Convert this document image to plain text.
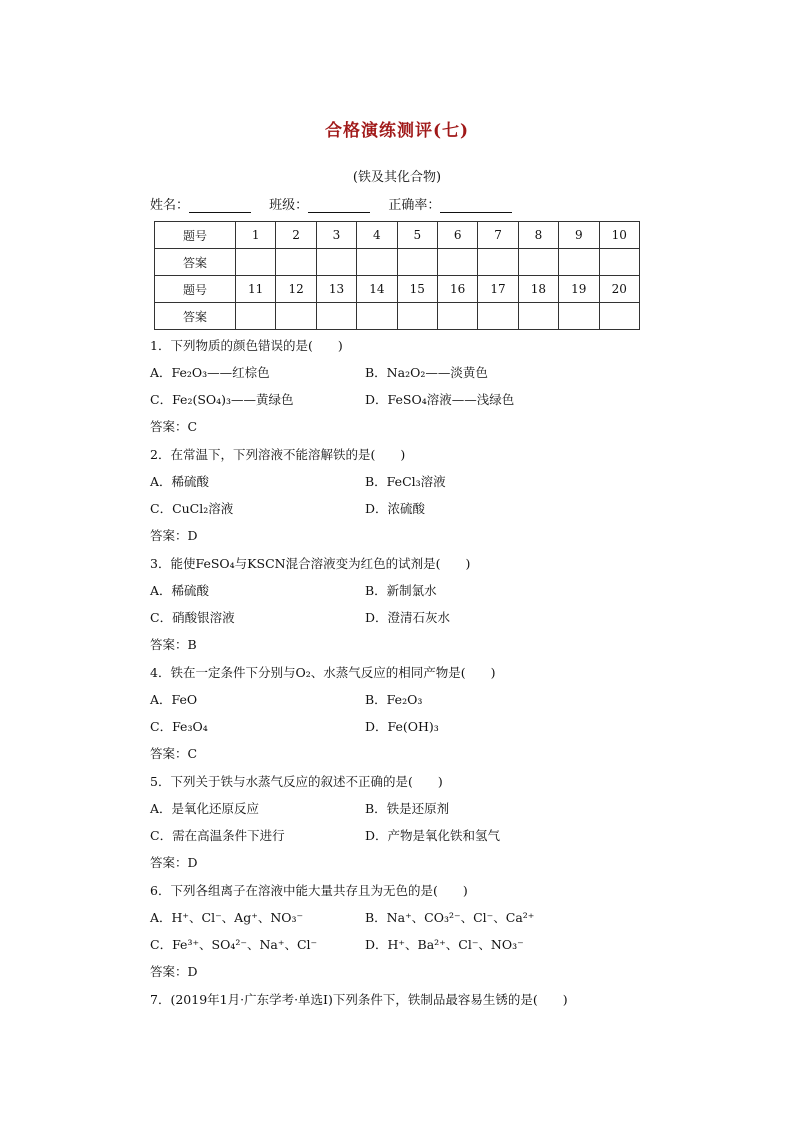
合格演练测评(七)
(铁及其化合物)
姓名：	班级：	正确率：
题号	1	2	3	4	5	6	7	8	9	10
答案										
题号	11	12	13	14	15	16	17	18	19	20
答案										
1．下列物质的颜色错误的是(　　)
A．Fe₂O₃——红棕色	B．Na₂O₂——淡黄色
C．Fe₂(SO₄)₃——黄绿色	D．FeSO₄溶液——浅绿色
答案：C
2．在常温下，下列溶液不能溶解铁的是(　　)
A．稀硫酸	B．FeCl₃溶液
C．CuCl₂溶液	D．浓硫酸
答案：D
3．能使FeSO₄与KSCN混合溶液变为红色的试剂是(　　)
A．稀硫酸	B．新制氯水
C．硝酸银溶液	D．澄清石灰水
答案：B
4．铁在一定条件下分别与O₂、水蒸气反应的相同产物是(　　)
A．FeO	B．Fe₂O₃
C．Fe₃O₄	D．Fe(OH)₃
答案：C
5．下列关于铁与水蒸气反应的叙述不正确的是(　　)
A．是氧化还原反应	B．铁是还原剂
C．需在高温条件下进行	D．产物是氧化铁和氢气
答案：D
6．下列各组离子在溶液中能大量共存且为无色的是(　　)
A．H⁺、Cl⁻、Ag⁺、NO₃⁻	B．Na⁺、CO₃²⁻、Cl⁻、Ca²⁺
C．Fe³⁺、SO₄²⁻、Na⁺、Cl⁻	D．H⁺、Ba²⁺、Cl⁻、NO₃⁻
答案：D
7．(2019年1月·广东学考·单选Ⅰ)下列条件下，铁制品最容易生锈的是(　　)
